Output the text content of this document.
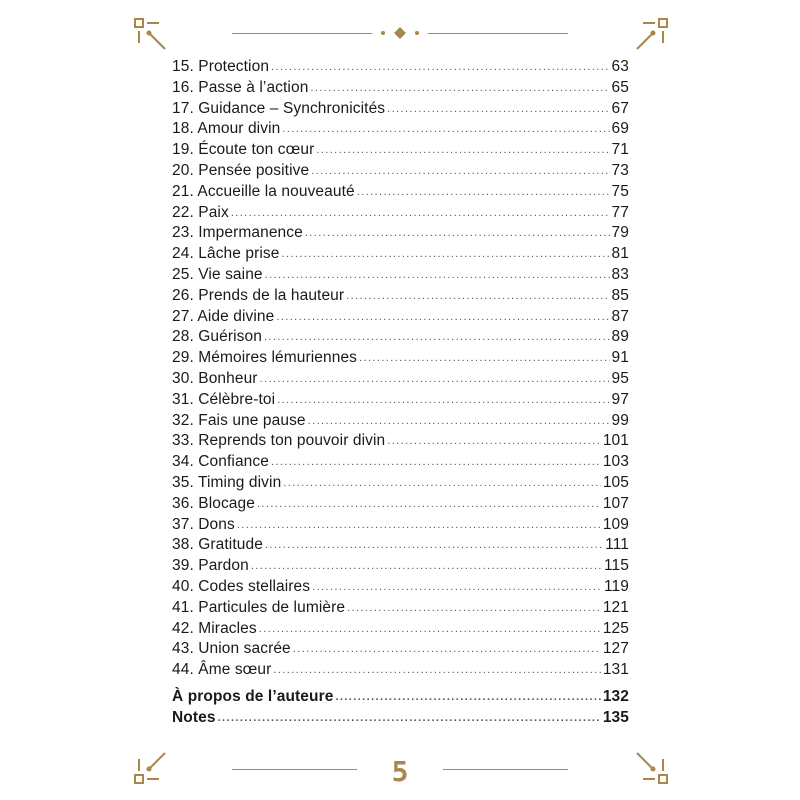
15. Protection .....	63
16. Passe à l’action .....	65
17. Guidance – Synchronicités .....	67
18. Amour divin .....	69
19. Écoute ton cœur .....	71
20. Pensée positive .....	73
21. Accueille la nouveauté .....	75
22. Paix .....	77
23. Impermanence .....	79
24. Lâche prise .....	81
25. Vie saine .....	83
26. Prends de la hauteur .....	85
27. Aide divine .....	87
28. Guérison .....	89
29. Mémoires lémuriennes .....	91
30. Bonheur .....	95
31. Célèbre-toi .....	97
32. Fais une pause .....	99
33. Reprends ton pouvoir divin .....	101
34. Confiance .....	103
35. Timing divin .....	105
36. Blocage .....	107
37. Dons .....	109
38. Gratitude .....	111
39. Pardon .....	115
40. Codes stellaires .....	119
41. Particules de lumière .....	121
42. Miracles .....	125
43. Union sacrée .....	127
44. Âme sœur .....	131
À propos de l’auteure .....	132
Notes .....	135
5
